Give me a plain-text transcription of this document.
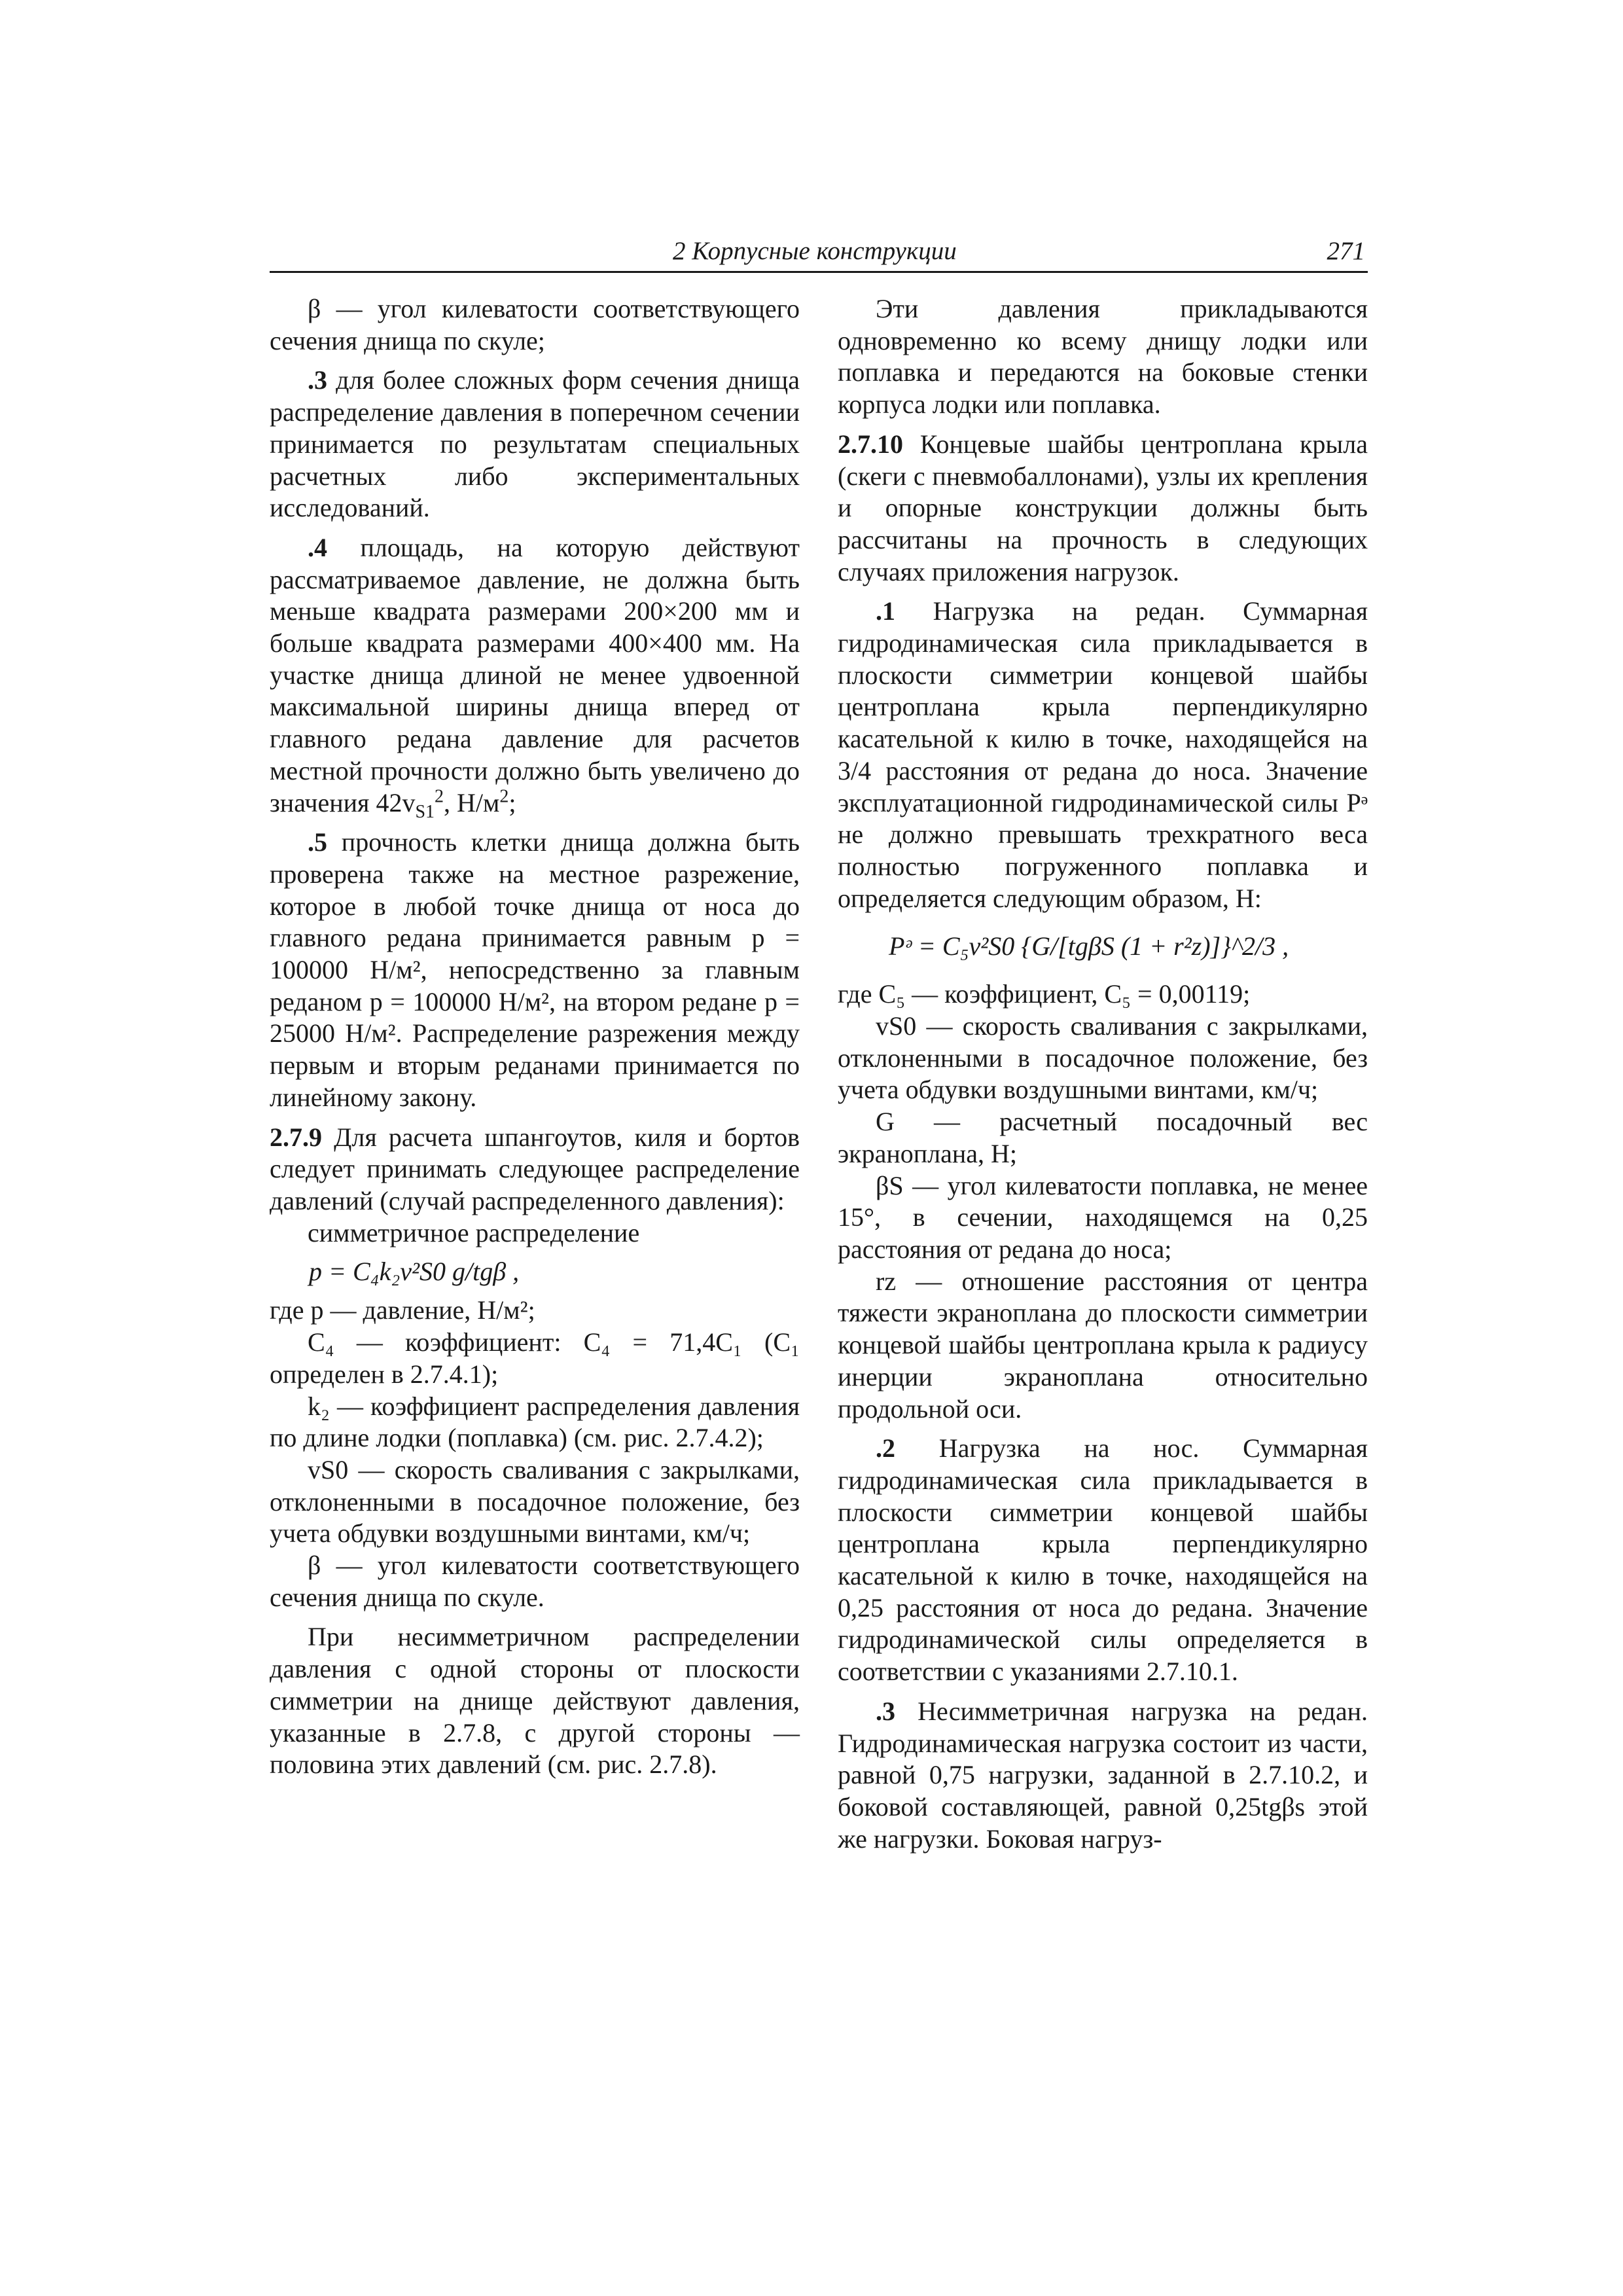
2 Корпусные конструкции	271

β — угол килеватости соответствующего сечения днища по скуле;

.3 для более сложных форм сечения днища распределение давления в поперечном сечении принимается по результатам специальных расчетных либо экспериментальных исследований.

.4 площадь, на которую действуют рассматриваемое давление, не должна быть меньше квадрата размерами 200×200 мм и больше квадрата размерами 400×400 мм. На участке днища длиной не менее удвоенной максимальной ширины днища вперед от главного редана давление для расчетов местной прочности должно быть увеличено до значения $42v_{S1}^2$, $Н/м^2$;

.5 прочность клетки днища должна быть проверена также на местное разрежение, которое в любой точке днища от носа до главного редана принимается равным p = 100000 Н/м², непосредственно за главным реданом p = 100000 Н/м², на втором редане p = 25000 Н/м². Распределение разрежения между первым и вторым реданами принимается по линейному закону.

2.7.9 Для расчета шпангоутов, киля и бортов следует принимать следующее распределение давлений (случай распределенного давления):

симметричное распределение

p = C₄k₂v²S0 g/tgβ ,

где p — давление, Н/м²;

C₄ — коэффициент: C₄ = 71,4C₁ (C₁ определен в 2.7.4.1);

k₂ — коэффициент распределения давления по длине лодки (поплавка) (см. рис. 2.7.4.2);

vS0 — скорость сваливания с закрылками, отклоненными в посадочное положение, без учета обдувки воздушными винтами, км/ч;

β — угол килеватости соответствующего сечения днища по скуле.

При несимметричном распределении давления с одной стороны от плоскости симметрии на днище действуют давления, указанные в 2.7.8, с другой стороны — половина этих давлений (см. рис. 2.7.8).

Эти давления прикладываются одновременно ко всему днищу лодки или поплавка и передаются на боковые стенки корпуса лодки или поплавка.

2.7.10 Концевые шайбы центроплана крыла (скеги с пневмобаллонами), узлы их крепления и опорные конструкции должны быть рассчитаны на прочность в следующих случаях приложения нагрузок.

.1 Нагрузка на редан. Суммарная гидродинамическая сила прикладывается в плоскости симметрии концевой шайбы центроплана крыла перпендикулярно касательной к килю в точке, находящейся на 3/4 расстояния от редана до носа. Значение эксплуатационной гидродинамической силы Pᵊ не должно превышать трехкратного веса полностью погруженного поплавка и определяется следующим образом, Н:

Pᵊ = C₅v²S0 {G/[tgβS (1 + r²z)]}^2/3 ,

где C₅ — коэффициент, C₅ = 0,00119;

vS0 — скорость сваливания с закрылками, отклоненными в посадочное положение, без учета обдувки воздушными винтами, км/ч;

G — расчетный посадочный вес экраноплана, Н;

βS — угол килеватости поплавка, не менее 15°, в сечении, находящемся на 0,25 расстояния от редана до носа;

rz — отношение расстояния от центра тяжести экраноплана до плоскости симметрии концевой шайбы центроплана крыла к радиусу инерции экраноплана относительно продольной оси.

.2 Нагрузка на нос. Суммарная гидродинамическая сила прикладывается в плоскости симметрии концевой шайбы центроплана крыла перпендикулярно касательной к килю в точке, находящейся на 0,25 расстояния от носа до редана. Значение гидродинамической силы определяется в соответствии с указаниями 2.7.10.1.

.3 Несимметричная нагрузка на редан. Гидродинамическая нагрузка состоит из части, равной 0,75 нагрузки, заданной в 2.7.10.2, и боковой составляющей, равной 0,25tgβs этой же нагрузки. Боковая нагруз-
